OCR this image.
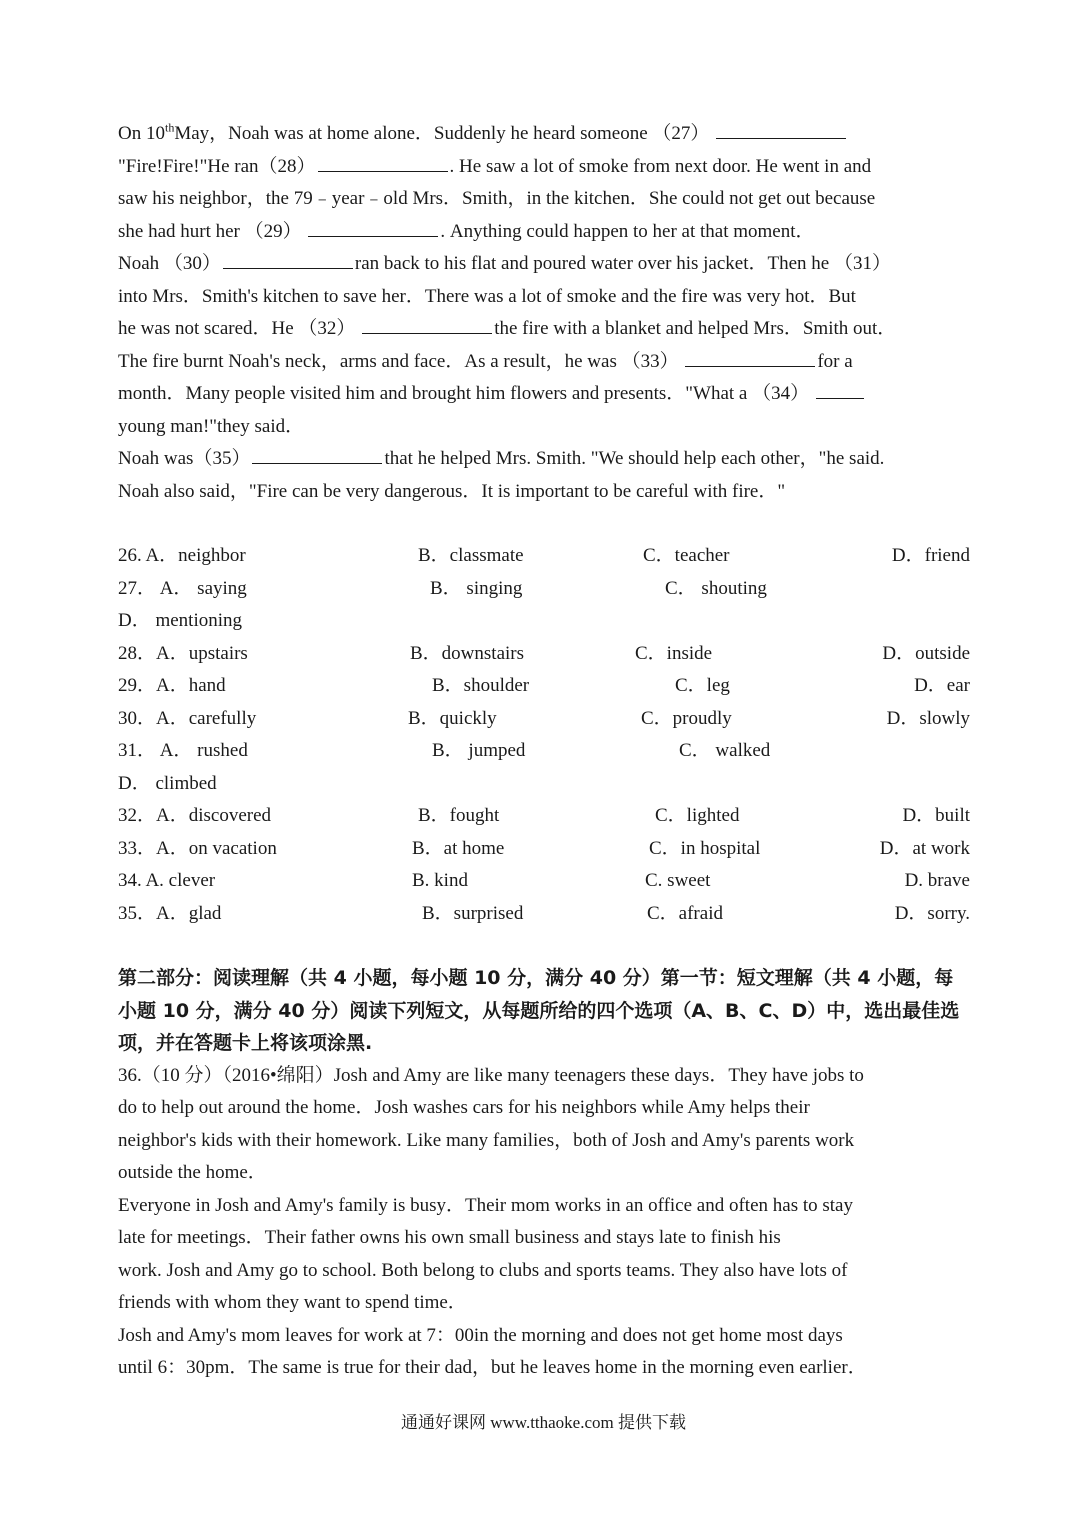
On 10thMay，Noah was at home alone．Suddenly he heard someone （27）
"Fire!Fire!"He ran（28）	. He saw a lot of smoke from next door. He went in and
saw his neighbor，the 79﹣year﹣old Mrs．Smith，in the kitchen．She could not get out because
she had hurt her （29）	. Anything could happen to her at that moment．
Noah （30）	ran back to his flat and poured water over his jacket．Then he （31）
into Mrs．Smith's kitchen to save her．There was a lot of smoke and the fire was very hot．But
he was not scared．He （32）	the fire with a blanket and helped Mrs．Smith out．
The fire burnt Noah's neck，arms and face．As a result，he was （33）	for a
month．Many people visited him and brought him flowers and presents．"What a （34）
young man!"they said．
Noah was（35）	that he helped Mrs. Smith. "We should help each other，"he said.
Noah also said，"Fire can be very dangerous．It is important to be careful with fire．"
26. A．neighbor	B．classmate	C．teacher	D．friend
27． A． saying	B． singing	C． shouting
D． mentioning
28．A．upstairs	B．downstairs	C．inside	D．outside
29．A．hand	B．shoulder	C．leg	D．ear
30．A．carefully	B．quickly	C．proudly	D．slowly
31． A． rushed	B． jumped	C． walked
D． climbed
32．A．discovered	B．fought	C．lighted	D．built
33．A．on vacation	B．at home	C．in hospital	D．at work
34. A. clever	B. kind	C. sweet	D. brave
35．A．glad	B．surprised	C．afraid	D．sorry.
第二部分：阅读理解（共 4 小题，每小题 10 分，满分 40 分）第一节：短文理解（共 4 小题，每小题 10 分，满分 40 分）阅读下列短文，从每题所给的四个选项（A、B、C、D）中，选出最佳选项，并在答题卡上将该项涂黑.
36.（10 分）（2016•绵阳）Josh and Amy are like many teenagers these days．They have jobs to
do to help out around the home．Josh washes cars for his neighbors while Amy helps their
neighbor's kids with their homework. Like many families，both of Josh and Amy's parents work
outside the home．
Everyone in Josh and Amy's family is busy．Their mom works in an office and often has to stay
late for meetings．Their father owns his own small business and stays late to finish his
work. Josh and Amy go to school. Both belong to clubs and sports teams. They also have lots of
friends with whom they want to spend time．
Josh and Amy's mom leaves for work at 7：00in the morning and does not get home most days
until 6：30pm．The same is true for their dad，but he leaves home in the morning even earlier．
通通好课网 www.tthaoke.com 提供下载
